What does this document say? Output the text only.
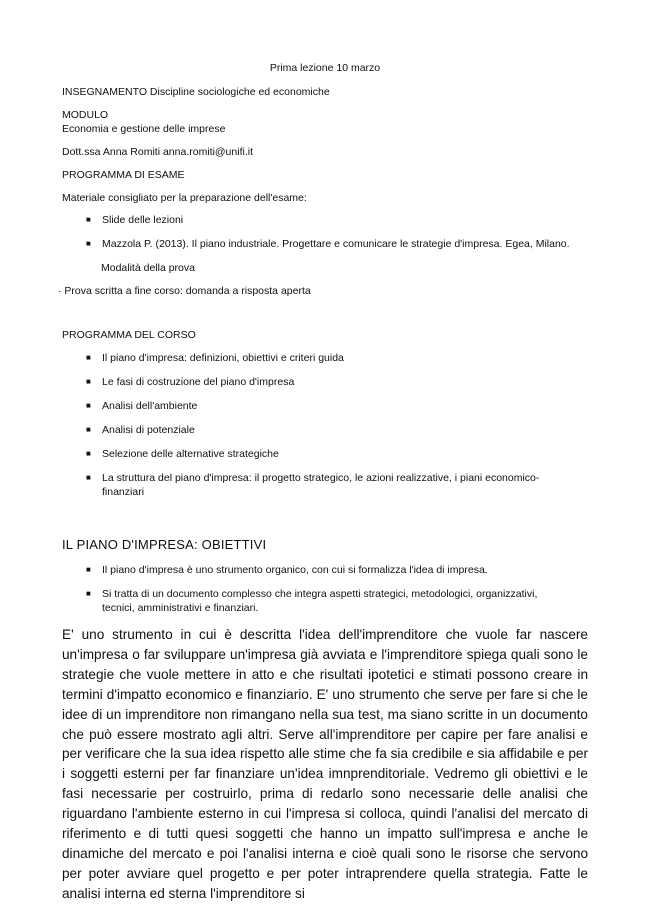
Prima lezione 10 marzo
INSEGNAMENTO Discipline sociologiche ed economiche
MODULO
Economia e gestione delle imprese
Dott.ssa Anna Romiti anna.romiti@unifi.it
PROGRAMMA DI ESAME
Materiale consigliato per la preparazione dell'esame:
■ Slide delle lezioni
■ Mazzola P. (2013). Il piano industriale. Progettare e comunicare le strategie d'impresa. Egea, Milano.
Modalità della prova
· Prova scritta a fine corso: domanda a risposta aperta
PROGRAMMA DEL CORSO
■ Il piano d'impresa: definizioni, obiettivi e criteri guida
■ Le fasi di costruzione del piano d'impresa
■ Analisi dell'ambiente
■ Analisi di potenziale
■ Selezione delle alternative strategiche
■ La struttura del piano d'impresa: il progetto strategico, le azioni realizzative, i piani economico-finanziari
IL PIANO D'IMPRESA: OBIETTIVI
■ Il piano d'impresa è uno strumento organico, con cui si formalizza l'idea di impresa.
■ Si tratta di un documento complesso che integra aspetti strategici, metodologici, organizzativi, tecnici, amministrativi e finanziari.
E' uno strumento in cui è descritta l'idea dell'imprenditore che vuole far nascere un'impresa o far sviluppare un'impresa già avviata e l'imprenditore spiega quali sono le strategie che vuole mettere in atto e che risultati ipotetici e stimati possono creare in termini d'impatto economico e finanziario. E' uno strumento che serve per fare si che le idee di un imprenditore non rimangano nella sua test, ma siano scritte in un documento che può essere mostrato agli altri. Serve all'imprenditore per capire per fare analisi e per verificare che la sua idea rispetto alle stime che fa sia credibile e sia affidabile e per i soggetti esterni per far finanziare un'idea imnprenditoriale. Vedremo gli obiettivi e le fasi necessarie per costruirlo, prima di redarlo sono necessarie delle analisi che riguardano l'ambiente esterno in cui l'impresa si colloca, quindi l'analisi del mercato di riferimento e di tutti quesi soggetti che hanno un impatto sull'impresa e anche le dinamiche del mercato e poi l'analisi interna e cioè quali sono le risorse che servono per poter avviare quel progetto e per poter intraprendere quella strategia. Fatte le analisi interna ed sterna l'imprenditore si
